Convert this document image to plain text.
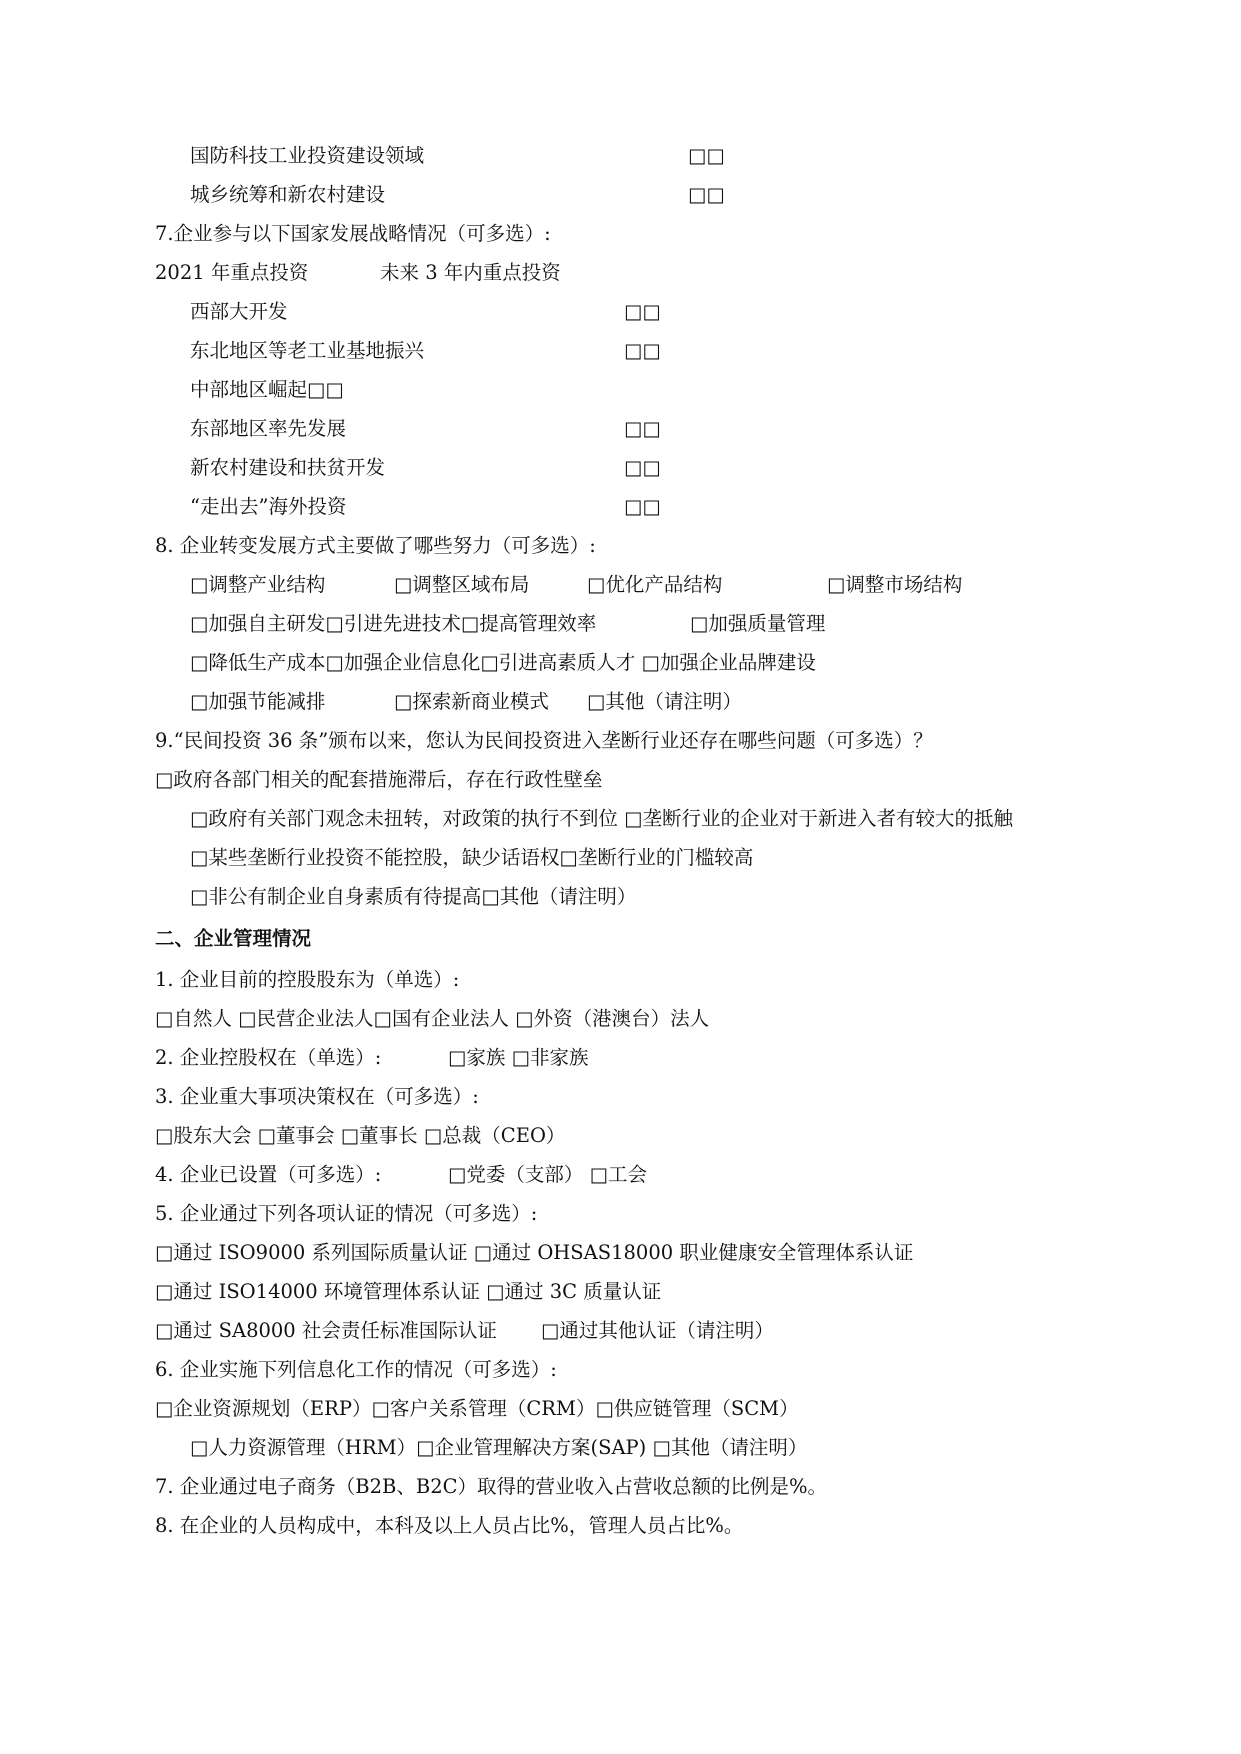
国防科技工业投资建设领域	□□
城乡统筹和新农村建设	□□
7.企业参与以下国家发展战略情况（可多选）:
2021 年重点投资	未来 3 年内重点投资
西部大开发	□□
东北地区等老工业基地振兴	□□
中部地区崛起□□
东部地区率先发展	□□
新农村建设和扶贫开发	□□
“走出去”海外投资	□□
8. 企业转变发展方式主要做了哪些努力（可多选）:
□调整产业结构	□调整区域布局	□优化产品结构	□调整市场结构
□加强自主研发□引进先进技术□提高管理效率	□加强质量管理
□降低生产成本□加强企业信息化□引进高素质人才 □加强企业品牌建设
□加强节能减排	□探索新商业模式 □其他（请注明）
9.“民间投资 36 条”颁布以来，您认为民间投资进入垄断行业还存在哪些问题（可多选）？
□政府各部门相关的配套措施滞后，存在行政性壁垒
□政府有关部门观念未扭转，对政策的执行不到位 □垄断行业的企业对于新进入者有较大的抵触
□某些垄断行业投资不能控股，缺少话语权□垄断行业的门槛较高
□非公有制企业自身素质有待提高□其他（请注明）
二、企业管理情况
1. 企业目前的控股股东为（单选）:
□自然人 □民营企业法人□国有企业法人 □外资（港澳台）法人
2. 企业控股权在（单选）:	□家族 □非家族
3. 企业重大事项决策权在（可多选）:
□股东大会 □董事会 □董事长 □总裁（CEO）
4. 企业已设置（可多选）:	□党委（支部） □工会
5. 企业通过下列各项认证的情况（可多选）:
□通过 ISO9000 系列国际质量认证 □通过 OHSAS18000 职业健康安全管理体系认证
□通过 ISO14000 环境管理体系认证 □通过 3C 质量认证
□通过 SA8000 社会责任标准国际认证 □通过其他认证（请注明）
6. 企业实施下列信息化工作的情况（可多选）:
□企业资源规划（ERP）□客户关系管理（CRM）□供应链管理（SCM）
□人力资源管理（HRM）□企业管理解决方案(SAP) □其他（请注明）
7. 企业通过电子商务（B2B、B2C）取得的营业收入占营收总额的比例是%。
8. 在企业的人员构成中，本科及以上人员占比%，管理人员占比%。
